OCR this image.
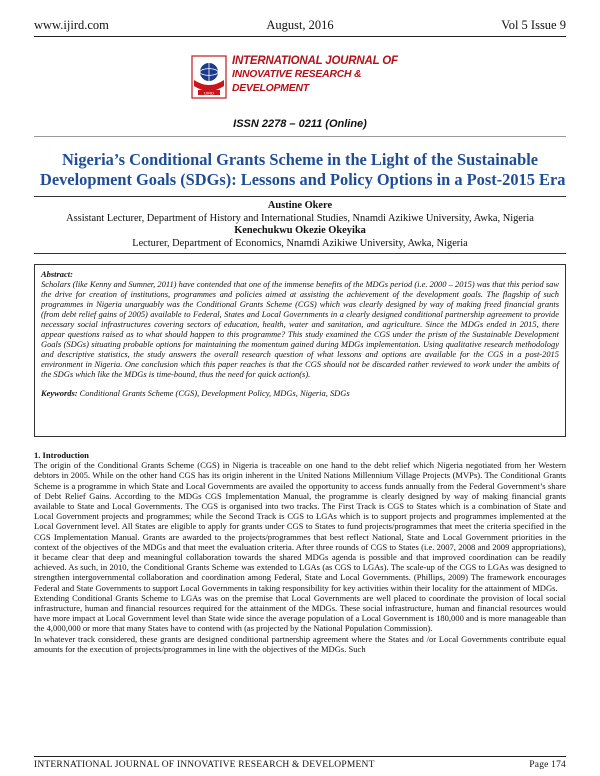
www.ijird.com	August, 2016	Vol 5 Issue 9
IJIRD
INTERNATIONAL JOURNAL OF
INNOVATIVE RESEARCH & DEVELOPMENT
ISSN 2278 – 0211 (Online)
Nigeria’s Conditional Grants Scheme in the Light of the Sustainable
Development Goals (SDGs): Lessons and Policy Options in a Post-2015 Era
Austine Okere
Assistant Lecturer, Department of History and International Studies, Nnamdi Azikiwe University, Awka, Nigeria
Kenechukwu Okezie Okeyika
Lecturer, Department of Economics, Nnamdi Azikiwe University, Awka, Nigeria
Abstract:
Scholars (like Kenny and Sumner, 2011) have contended that one of the immense benefits of the MDGs period (i.e. 2000 – 2015) was that this period saw the drive for creation of institutions, programmes and policies aimed at assisting the achievement of the development goals. The flagship of such programmes in Nigeria unarguably was the Conditional Grants Scheme (CGS) which was clearly designed by way of making freed financial grants (from debt relief gains of 2005) available to Federal, States and Local Governments in a clearly designed conditional partnership agreement to provide necessary social infrastructures covering sectors of education, health, water and sanitation, and agriculture. Since the MDGs ended in 2015, there appear questions raised as to what should happen to this programme? This study examined the CGS under the prism of the Sustainable Development Goals (SDGs) situating probable options for maintaining the momentum gained during MDGs implementation. Using qualitative research methodology and descriptive statistics, the study answers the overall research question of what lessons and options are available for the CGS in a post-2015 environment in Nigeria. One conclusion which this paper reaches is that the CGS should not be discarded rather reviewed to work under the ambits of the SDGs which like the MDGs is time-bound, thus the need for quick action(s).
Keywords: Conditional Grants Scheme (CGS), Development Policy, MDGs, Nigeria, SDGs
1. Introduction

The origin of the Conditional Grants Scheme (CGS) in Nigeria is traceable on one hand to the debt relief which Nigeria negotiated from her Western debtors in 2005. While on the other hand CGS has its origin inherent in the United Nations Millennium Village Projects (MVPs). The Conditional Grants Scheme is a programme in which State and Local Governments are availed the opportunity to access funds annually from the Federal Government’s share of Debt Relief Gains. According to the MDGs CGS Implementation Manual, the programme is clearly designed by way of making financial grants available to State and Local Governments. The CGS is organised into two tracks. The First Track is CGS to States which is a combination of State and Local Government projects and programmes; while the Second Track is CGS to LGAs which is to support projects and programmes implemented at the Local Government level. All States are eligible to apply for grants under CGS to States to fund projects/programmes that meet the criteria specified in the CGS Implementation Manual. Grants are awarded to the projects/programmes that best reflect National, State and Local Government priorities in the context of the objectives of the MDGs and that meet the evaluation criteria. After three rounds of CGS to States (i.e. 2007, 2008 and 2009 appropriations), it became clear that deep and meaningful collaboration towards the shared MDGs agenda is possible and that improved coordination can be readily achieved. As such, in 2010, the Conditional Grants Scheme was extended to LGAs (as CGS to LGAs). The scale-up of the CGS to LGAs was designed to strengthen intergovernmental collaboration and coordination among Federal, State and Local Governments. (Phillips, 2009) The framework encourages Federal and State Governments to support Local Governments in taking responsibility for key activities within their locality for the attainment of MDGs.

Extending Conditional Grants Scheme to LGAs was on the premise that Local Governments are well placed to coordinate the provision of local social infrastructure, human and financial resources required for the attainment of the MDGs. These social infrastructure, human and financial resources would have more impact at Local Government level than State wide since the average population of a Local Government is 180,000 and is more manageable than the 4,000,000 or more that many States have to contend with (as projected by the National Population Commission).

In whatever track considered, these grants are designed conditional partnership agreement where the States and /or Local Governments contribute equal amounts for the execution of projects/programmes in line with the objectives of the MDGs. Such

INTERNATIONAL JOURNAL OF INNOVATIVE RESEARCH & DEVELOPMENT	Page 174
